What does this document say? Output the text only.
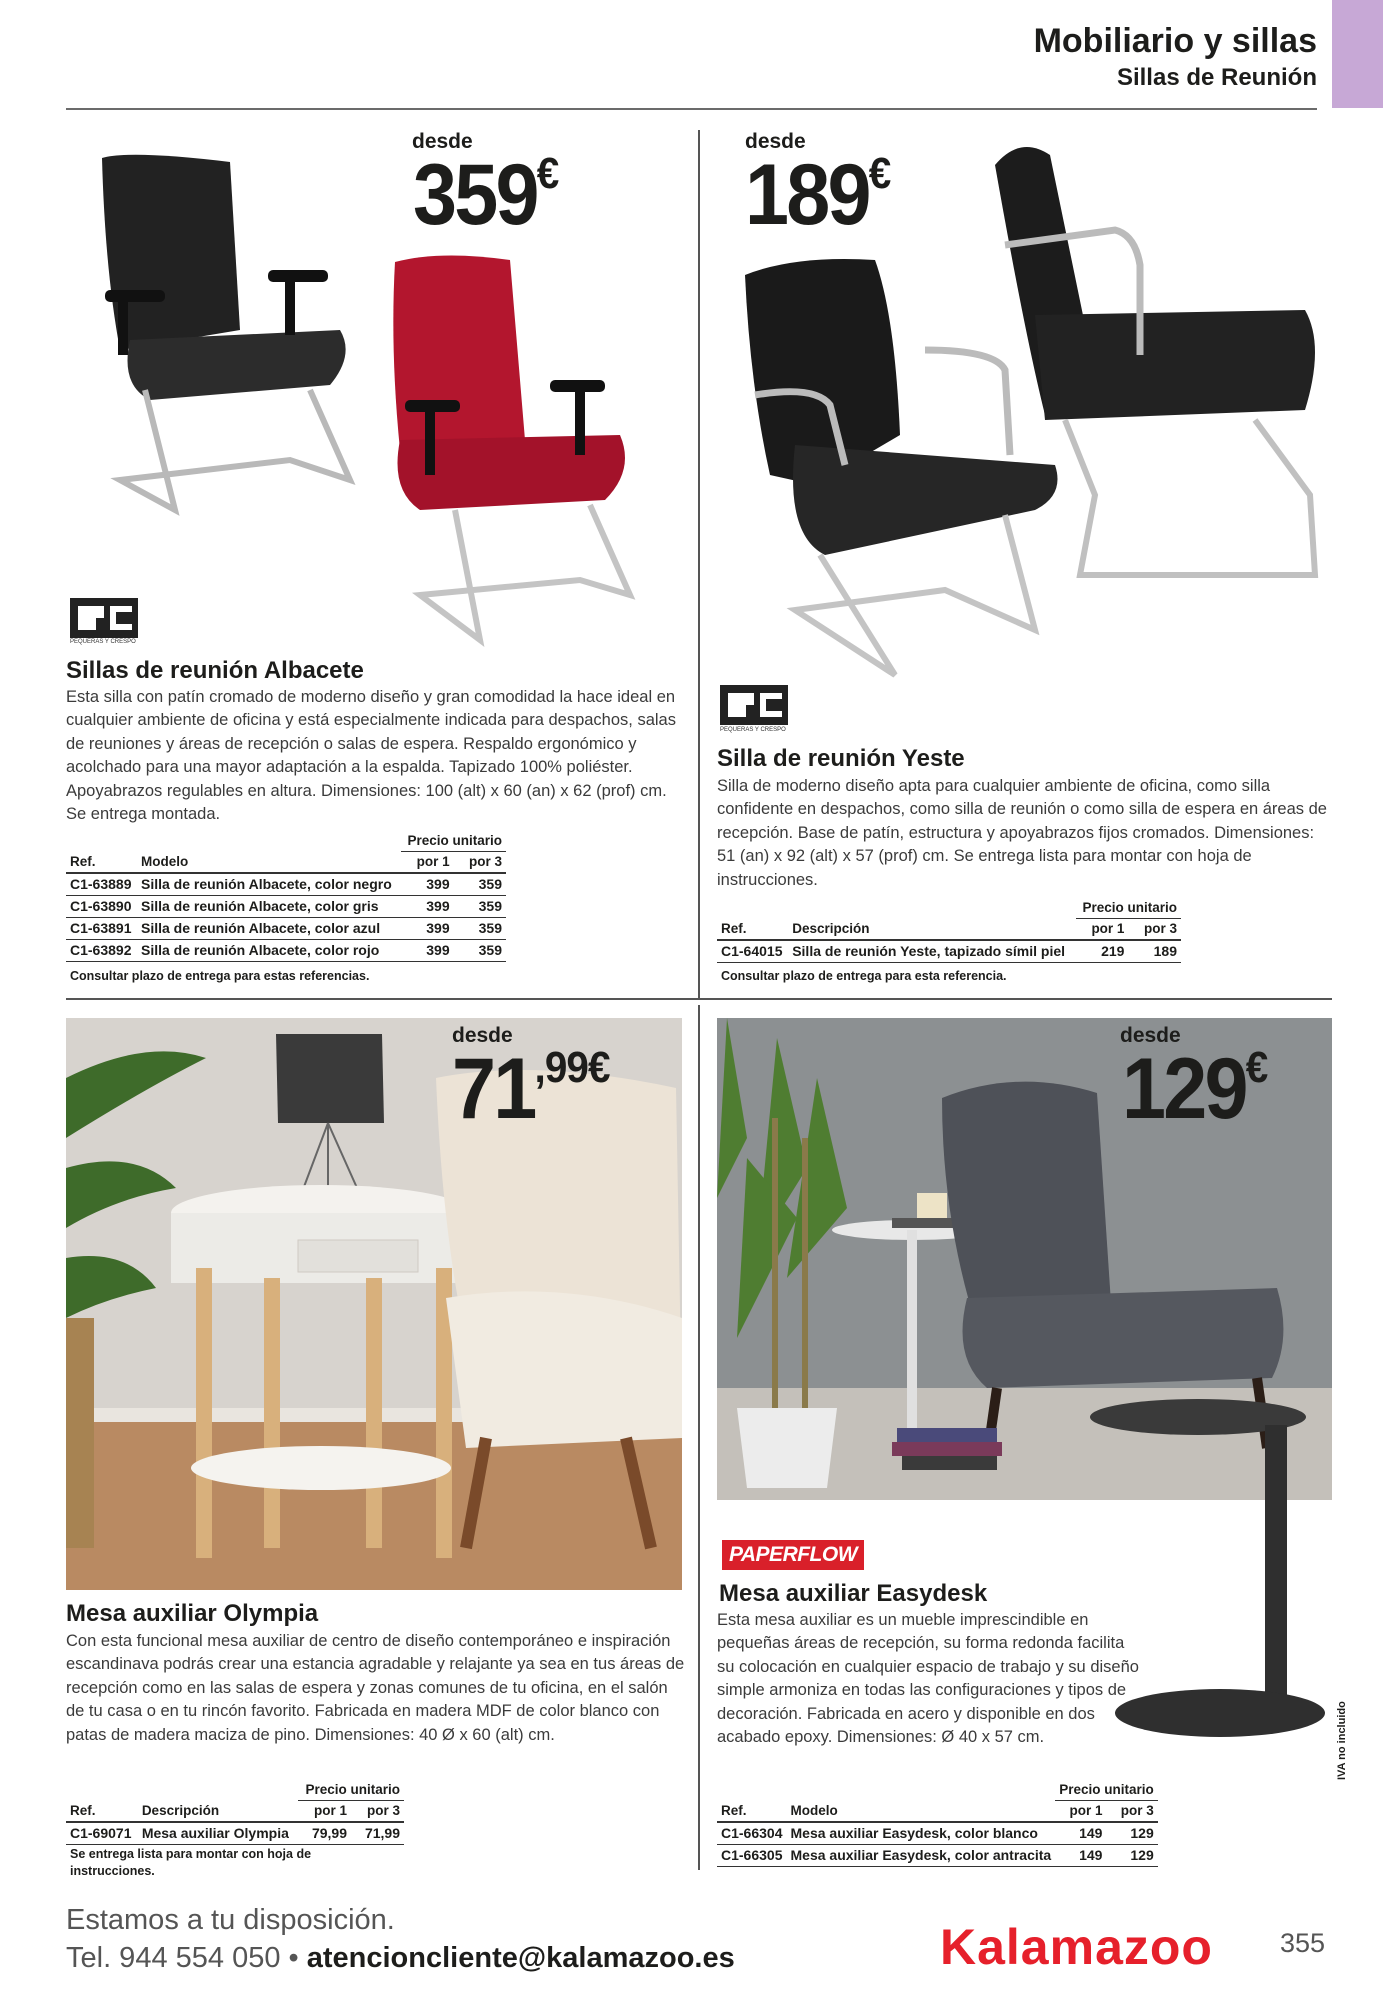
Mobiliario y sillas
Sillas de Reunión
desde
359€
PEQUERAS Y CRESPO
Sillas de reunión Albacete
Esta silla con patín cromado de moderno diseño y gran comodidad la hace ideal en cualquier ambiente de oficina y está especialmente indicada para despachos, salas de reuniones y áreas de recepción o salas de espera. Respaldo ergonómico y acolchado para una mayor adaptación a la espalda. Tapizado 100% poliéster. Apoyabrazos regulables en altura. Dimensiones: 100 (alt) x 60 (an) x 62 (prof) cm. Se entrega montada.
		Precio unitario	
Ref.	Modelo	por 1	por 3
C1-63889	Silla de reunión Albacete, color negro	399	359
C1-63890	Silla de reunión Albacete, color gris	399	359
C1-63891	Silla de reunión Albacete, color azul	399	359
C1-63892	Silla de reunión Albacete, color rojo	399	359
Consultar plazo de entrega para estas referencias.
desde
189€
PEQUERAS Y CRESPO
Silla de reunión Yeste
Silla de moderno diseño apta para cualquier ambiente de oficina, como silla confidente en despachos, como silla de reunión o como silla de espera en áreas de recepción. Base de patín, estructura y apoyabrazos fijos cromados. Dimensiones: 51 (an) x 92 (alt) x 57 (prof) cm. Se entrega lista para montar con hoja de instrucciones.
		Precio unitario	
Ref.	Descripción	por 1	por 3
C1-64015	Silla de reunión Yeste, tapizado símil piel	219	189
Consultar plazo de entrega para esta referencia.
desde
$71^{,99€}$
Mesa auxiliar Olympia
Con esta funcional mesa auxiliar de centro de diseño contemporáneo e inspiración escandinava podrás crear una estancia agradable y relajante ya sea en tus áreas de recepción como en las salas de espera y zonas comunes de tu oficina, en el salón de tu casa o en tu rincón favorito. Fabricada en madera MDF de color blanco con patas de madera maciza de pino. Dimensiones: 40 Ø x 60 (alt) cm.
		Precio unitario	
Ref.	Descripción	por 1	por 3
C1-69071	Mesa auxiliar Olympia	79,99	71,99
Se entrega lista para montar con hoja de instrucciones.
desde
129€
PAPERFLOW
Mesa auxiliar Easydesk
Esta mesa auxiliar es un mueble imprescindible en pequeñas áreas de recepción, su forma redonda facilita su colocación en cualquier espacio de trabajo y su diseño simple armoniza en todas las configuraciones y tipos de decoración. Fabricada en acero y disponible en dos acabado epoxy. Dimensiones: Ø 40 x 57 cm.
		Precio unitario	
Ref.	Modelo	por 1	por 3
C1-66304	Mesa auxiliar Easydesk, color blanco	149	129
C1-66305	Mesa auxiliar Easydesk, color antracita	149	129
IVA no incluido
Estamos a tu disposición.
Tel. 944 554 050 • atencioncliente@kalamazoo.es	Kalamazoo 355
